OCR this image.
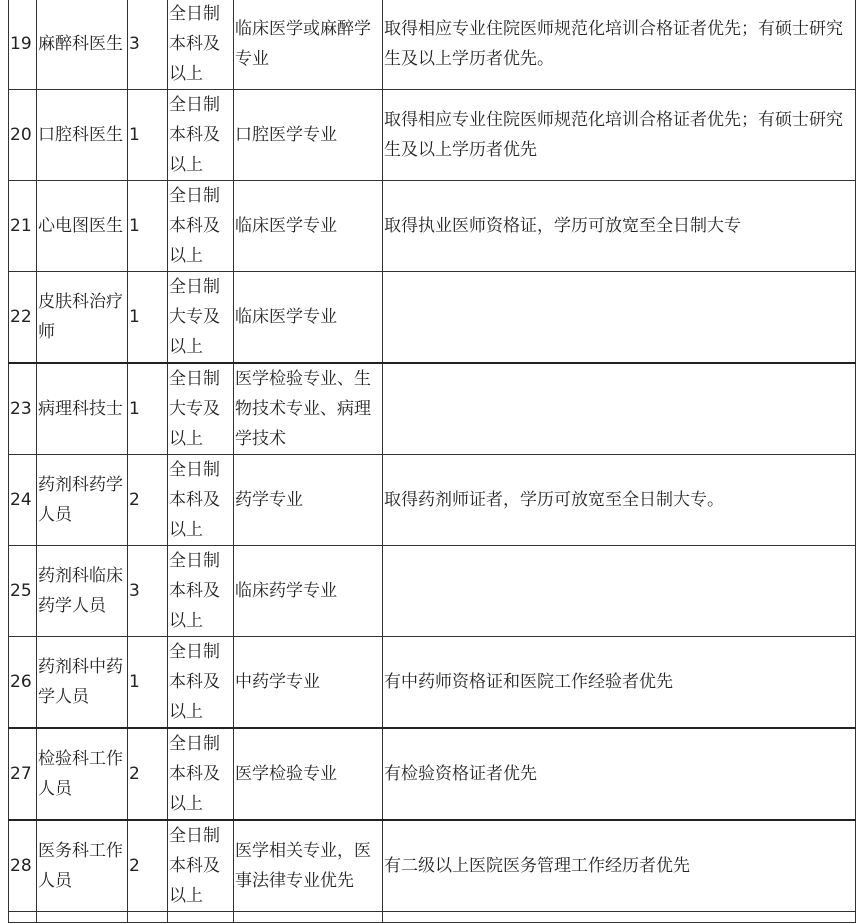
19	麻醉科医生	3	全日制本科及以上	临床医学或麻醉学专业	取得相应专业住院医师规范化培训合格证者优先；有硕士研究生及以上学历者优先。
20	口腔科医生	1	全日制本科及以上	口腔医学专业	取得相应专业住院医师规范化培训合格证者优先；有硕士研究生及以上学历者优先
21	心电图医生	1	全日制本科及以上	临床医学专业	取得执业医师资格证，学历可放宽至全日制大专
22	皮肤科治疗师	1	全日制大专及以上	临床医学专业	
23	病理科技士	1	全日制大专及以上	医学检验专业、生物技术专业、病理学技术	
24	药剂科药学人员	2	全日制本科及以上	药学专业	取得药剂师证者，学历可放宽至全日制大专。
25	药剂科临床药学人员	3	全日制本科及以上	临床药学专业	
26	药剂科中药学人员	1	全日制本科及以上	中药学专业	有中药师资格证和医院工作经验者优先
27	检验科工作人员	2	全日制本科及以上	医学检验专业	有检验资格证者优先
28	医务科工作人员	2	全日制本科及以上	医学相关专业，医事法律专业优先	有二级以上医院医务管理工作经历者优先
